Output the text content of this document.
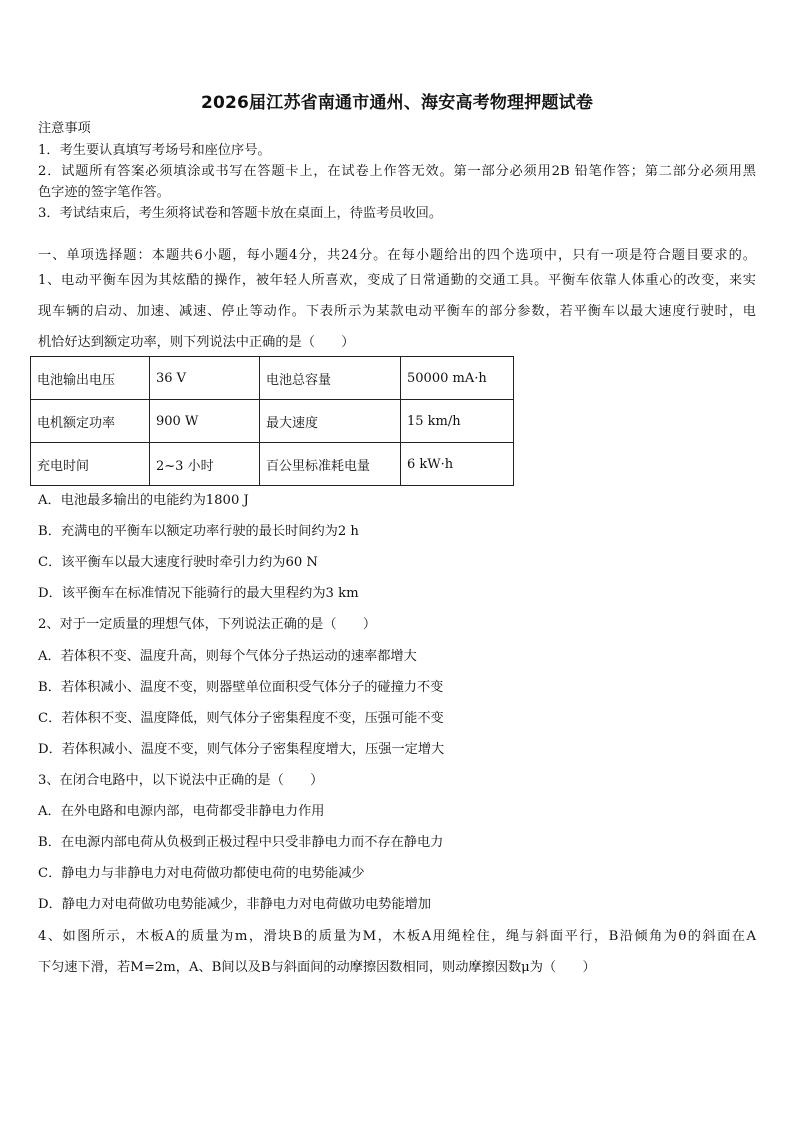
2026届江苏省南通市通州、海安高考物理押题试卷
注意事项
1．考生要认真填写考场号和座位序号。
2．试题所有答案必须填涂或书写在答题卡上，在试卷上作答无效。第一部分必须用2B 铅笔作答；第二部分必须用黑
色字迹的签字笔作答。
3．考试结束后，考生须将试卷和答题卡放在桌面上，待监考员收回。
一、单项选择题：本题共6小题，每小题4分，共24分。在每小题给出的四个选项中，只有一项是符合题目要求的。
1、电动平衡车因为其炫酷的操作，被年轻人所喜欢，变成了日常通勤的交通工具。平衡车依靠人体重心的改变，来实
现车辆的启动、加速、减速、停止等动作。下表所示为某款电动平衡车的部分参数，若平衡车以最大速度行驶时，电
机恰好达到额定功率，则下列说法中正确的是（　　）
电池输出电压	36 V	电池总容量	50000 mA·h
电机额定功率	900 W	最大速度	15 km/h
充电时间	2~3 小时	百公里标准耗电量	6 kW·h
A．电池最多输出的电能约为1800 J
B．充满电的平衡车以额定功率行驶的最长时间约为2 h
C．该平衡车以最大速度行驶时牵引力约为60 N
D．该平衡车在标准情况下能骑行的最大里程约为3 km
2、对于一定质量的理想气体，下列说法正确的是（　　）
A．若体积不变、温度升高，则每个气体分子热运动的速率都增大
B．若体积减小、温度不变，则器壁单位面积受气体分子的碰撞力不变
C．若体积不变、温度降低，则气体分子密集程度不变，压强可能不变
D．若体积减小、温度不变，则气体分子密集程度增大，压强一定增大
3、在闭合电路中，以下说法中正确的是（　　）
A．在外电路和电源内部，电荷都受非静电力作用
B．在电源内部电荷从负极到正极过程中只受非静电力而不存在静电力
C．静电力与非静电力对电荷做功都使电荷的电势能减少
D．静电力对电荷做功电势能减少，非静电力对电荷做功电势能增加
4、如图所示，木板A的质量为m，滑块B的质量为M，木板A用绳栓住，绳与斜面平行，B沿倾角为θ的斜面在A
下匀速下滑，若M=2m，A、B间以及B与斜面间的动摩擦因数相同，则动摩擦因数μ为（　　）
